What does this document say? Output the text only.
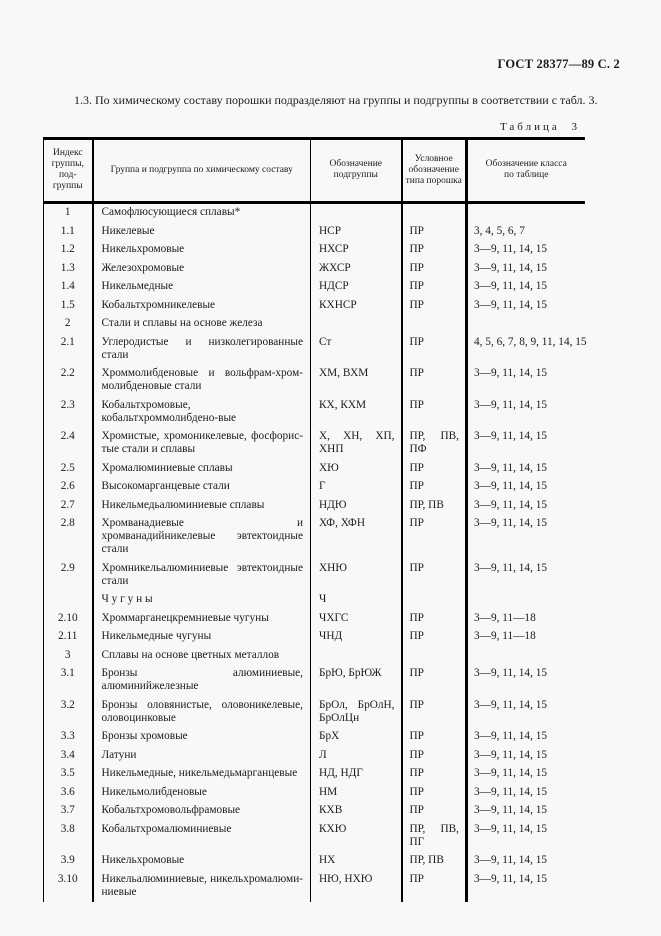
ГОСТ 28377—89 С. 2

1.3. По химическому составу порошки подразделяют на группы и подгруппы в соответствии с табл. 3.

Таблица 3
Индекс группы, под-группы	Группа и подгруппа по химическому составу	Обозначение подгруппы	Условное обозначение типа порошка	Обозначение класса по таблице
1	Самофлюсующиеся сплавы*			
1.1	Никелевые	НСР	ПР	3, 4, 5, 6, 7
1.2	Никельхромовые	НХСР	ПР	3—9, 11, 14, 15
1.3	Железохромовые	ЖХСР	ПР	3—9, 11, 14, 15
1.4	Никельмедные	НДСР	ПР	3—9, 11, 14, 15
1.5	Кобальтхромникелевые	КХНСР	ПР	3—9, 11, 14, 15
2	Стали и сплавы на основе железа			
2.1	Углеродистые и низколегированные стали	Ст	ПР	4, 5, 6, 7, 8, 9, 11, 14, 15
2.2	Хроммолибденовые и вольфрам-хром-молибденовые стали	ХМ, ВХМ	ПР	3—9, 11, 14, 15
2.3	Кобальтхромовые, кобальтхроммолибдено-вые	КХ, КХМ	ПР	3—9, 11, 14, 15
2.4	Хромистые, хромоникелевые, фосфорис-тые стали и сплавы	Х, ХН, ХП, ХНП	ПР, ПВ, ПФ	3—9, 11, 14, 15
2.5	Хромалюминиевые сплавы	ХЮ	ПР	3—9, 11, 14, 15
2.6	Высокомарганцевые стали	Г	ПР	3—9, 11, 14, 15
2.7	Никельмедьалюминиевые сплавы	НДЮ	ПР, ПВ	3—9, 11, 14, 15
2.8	Хромванадиевые и хромванадийникелевые эвтектоидные стали	ХФ, ХФН	ПР	3—9, 11, 14, 15
2.9	Хромникельалюминиевые эвтектоидные стали	ХНЮ	ПР	3—9, 11, 14, 15
	Ч у г у н ы	Ч		
2.10	Хроммарганецкремниевые чугуны	ЧХГС	ПР	3—9, 11—18
2.11	Никельмедные чугуны	ЧНД	ПР	3—9, 11—18
3	Сплавы на основе цветных металлов			
3.1	Бронзы алюминиевые, алюминийжелезные	БрЮ, БрЮЖ	ПР	3—9, 11, 14, 15
3.2	Бронзы оловянистые, оловоникелевые, оловоцинковые	БрОл, БрОлН, БрОлЦн	ПР	3—9, 11, 14, 15
3.3	Бронзы хромовые	БрХ	ПР	3—9, 11, 14, 15
3.4	Латуни	Л	ПР	3—9, 11, 14, 15
3.5	Никельмедные, никельмедьмарганцевые	НД, НДГ	ПР	3—9, 11, 14, 15
3.6	Никельмолибденовые	НМ	ПР	3—9, 11, 14, 15
3.7	Кобальтхромовольфрамовые	КХВ	ПР	3—9, 11, 14, 15
3.8	Кобальтхромалюминиевые	КХЮ	ПР, ПВ, ПГ	3—9, 11, 14, 15
3.9	Никельхромовые	НХ	ПР, ПВ	3—9, 11, 14, 15
3.10	Никельалюминиевые, никельхромалюми-ниевые	НЮ, НХЮ	ПР	3—9, 11, 14, 15
